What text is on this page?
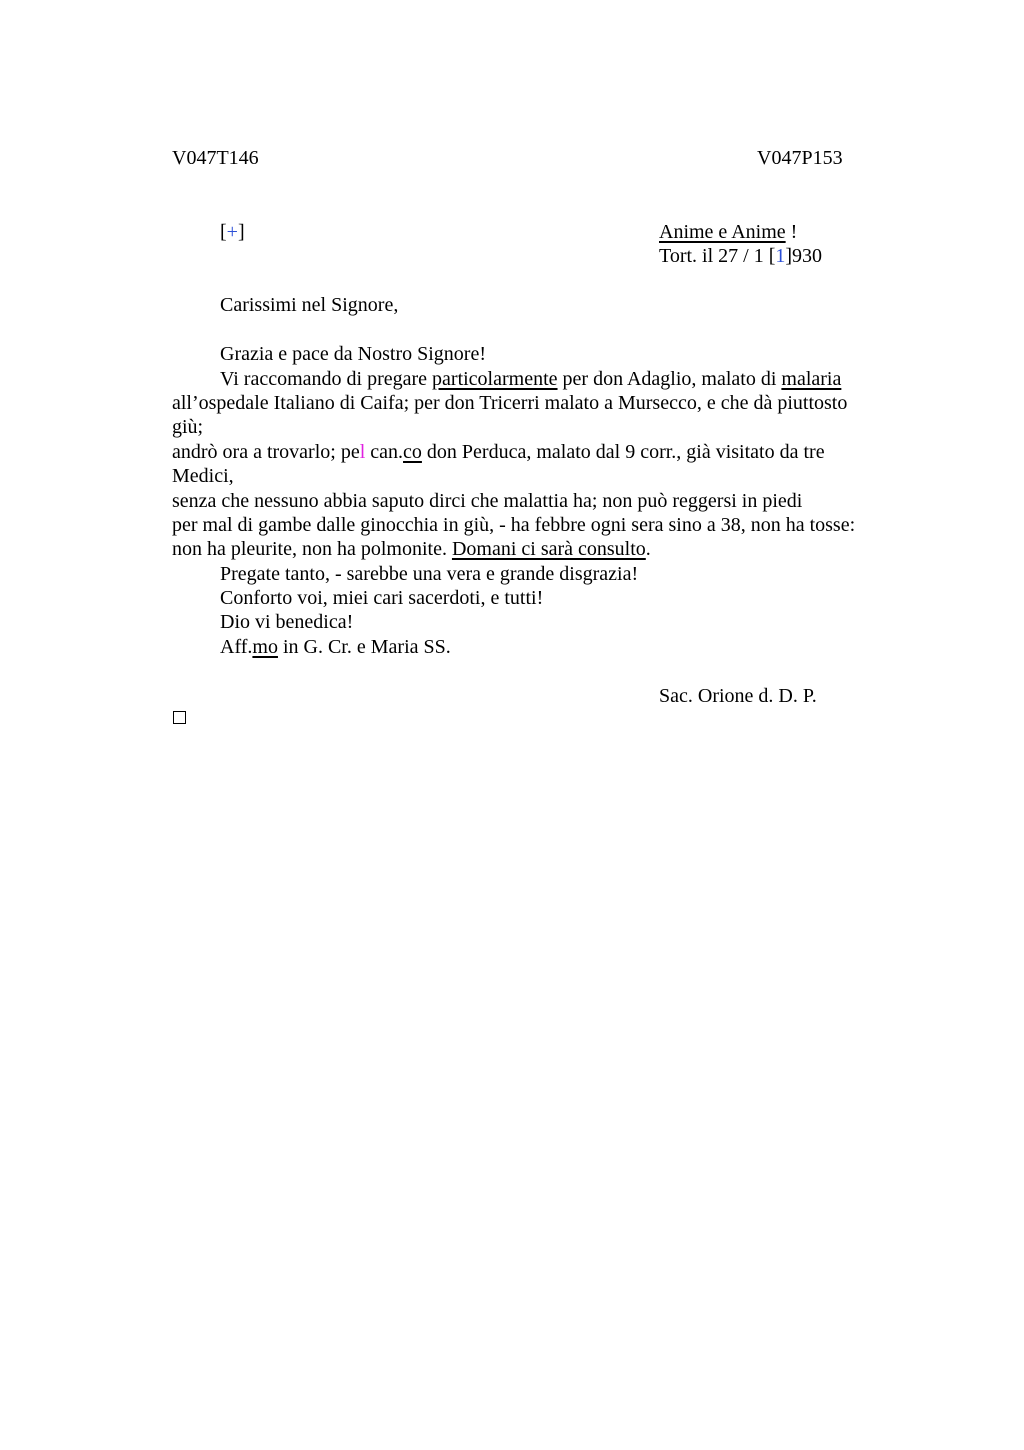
V047T146	V047P153
[+]	Anime e Anime !
Tort. il 27 / 1 [1]930
Carissimi nel Signore,
Grazia e pace da Nostro Signore!
Vi raccomando di pregare particolarmente per don Adaglio, malato di malaria
all’ospedale Italiano di Caifa; per don Tricerri malato a Mursecco, e che dà piuttosto
giù;
andrò ora a trovarlo; pel can.co don Perduca, malato dal 9 corr., già visitato da tre
Medici,
senza che nessuno abbia saputo dirci che malattia ha; non può reggersi in piedi
per mal di gambe dalle ginocchia in giù, - ha febbre ogni sera sino a 38, non ha tosse:
non ha pleurite, non ha polmonite. Domani ci sarà consulto.
Pregate tanto, - sarebbe una vera e grande disgrazia!
Conforto voi, miei cari sacerdoti, e tutti!
Dio vi benedica!
Aff.mo in G. Cr. e Maria SS.
Sac. Orione d. D. P.
